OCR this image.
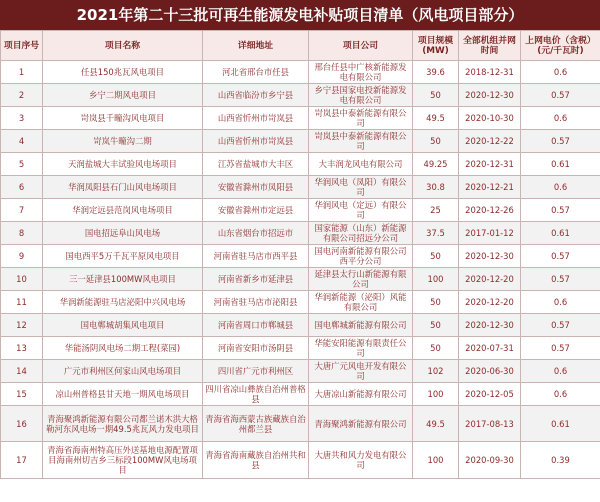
2021年第二十三批可再生能源发电补贴项目清单（风电项目部分）
项目序号	项目名称	详细地址	项目公司	项目规模(MW)	全部机组并网时间	上网电价（含税）(元/千瓦时)
1	任县150兆瓦风电项目	河北省邢台市任县	邢台任县中广核新能源发电有限公司	39.6	2018-12-31	0.6
2	乡宁二期风电项目	山西省临汾市乡宁县	乡宁县国家电投新能源发电有限公司	50	2020-12-30	0.57
3	岢岚县千疃沟风电项目	山西省忻州市岢岚县	岢岚县中泰新能源有限公司	49.5	2020-10-30	0.6
4	岢岚牛疃沟二期	山西省忻州市岢岚县	岢岚县中泰新能源有限公司	50	2020-12-22	0.57
5	天润盐城大丰试验风电场项目	江苏省盐城市大丰区	大丰润龙风电有限公司	49.25	2020-12-31	0.61
6	华润凤阳县石门山风电场项目	安徽省滁州市凤阳县	华润风电（凤阳）有限公司	30.8	2020-12-21	0.6
7	华润定远县范岗风电场项目	安徽省滁州市定远县	华润风电（定远）有限公司	25	2020-12-26	0.57
8	国电招远阜山风电场	山东省烟台市招远市	国家能源（山东）新能源有限公司招远分公司	37.5	2017-01-12	0.61
9	国电西平5万千瓦平原风电项目	河南省驻马店市西平县	国电河南新能源有限公司西平分公司	50	2020-12-30	0.57
10	三一延津县100MW风电项目	河南省新乡市延津县	延津县太行山新能源有限公司	100	2020-12-20	0.57
11	华润新能源驻马店泌阳中兴风电场	河南省驻马店市泌阳县	华润新能源（泌阳）风能有限公司	50	2020-12-20	0.6
12	国电郸城胡集风电项目	河南省周口市郸城县	国电郸城新能源有限公司	50	2020-12-30	0.57
13	华能汤阴风电场二期工程(菜园)	河南省安阳市汤阴县	华能安阳能源有限责任公司	50	2020-07-31	0.57
14	广元市利州区何家山风电场项目	四川省广元市利州区	大唐广元风电开发有限公司	102	2020-06-30	0.6
15	凉山州普格县甘天地一期风电场项目	四川省凉山彝族自治州普格县	大唐凉山新能源有限公司	100	2020-12-05	0.6
16	青海聚鸿新能源有限公司都兰诺木洪大格勒河东风电场一期49.5兆瓦风力发电项目	青海省海西蒙古族藏族自治州都兰县	青海聚鸿新能源有限公司	49.5	2017-08-13	0.61
17	青海省海南州特高压外送基地电源配置项目海南州切吉乡三标段100MW风电场项目	青海省海南藏族自治州共和县	大唐共和风力发电有限公司	100	2020-09-30	0.39
